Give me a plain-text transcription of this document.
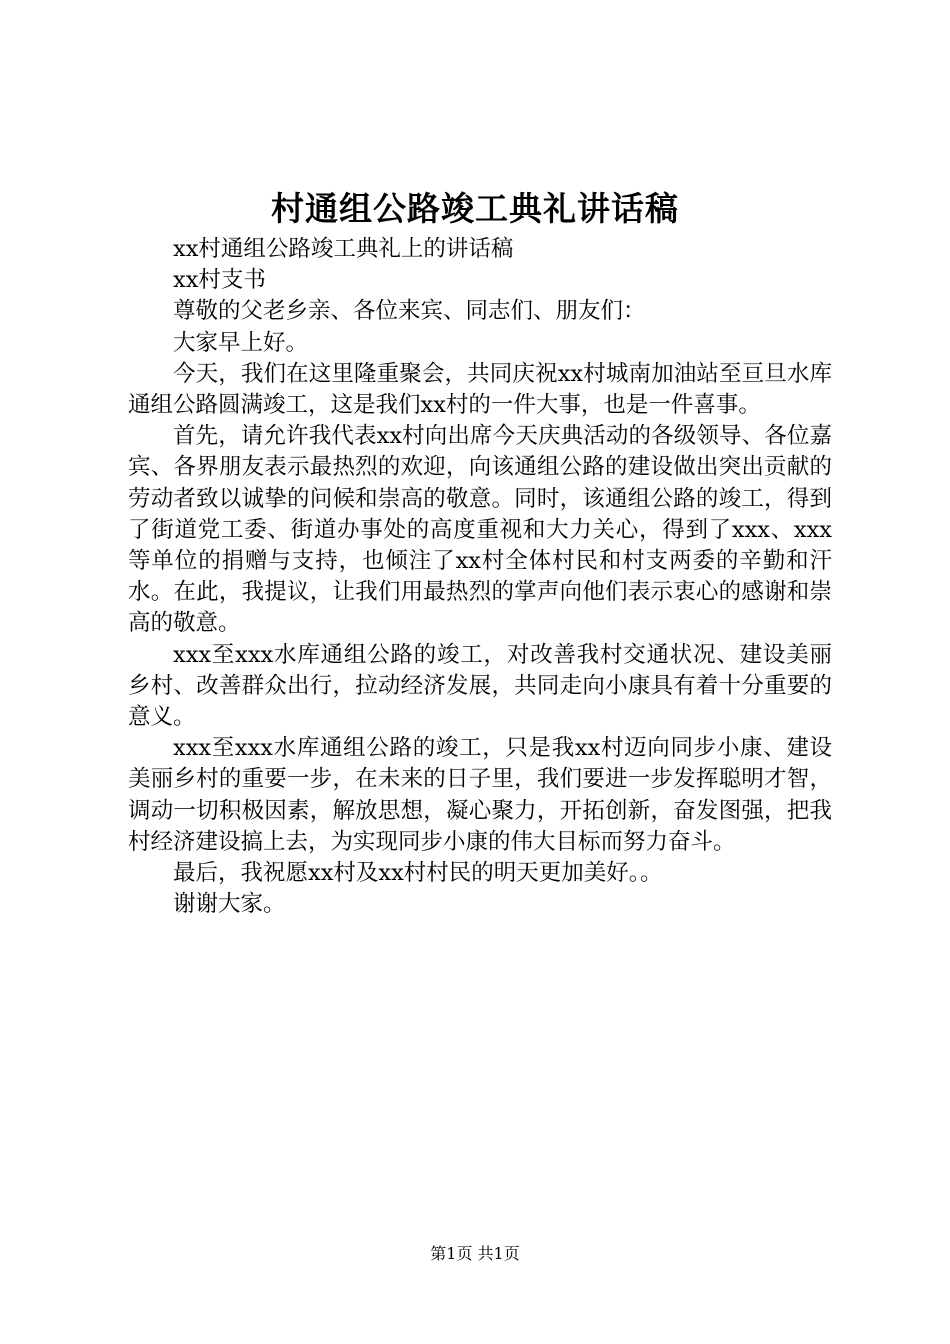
村通组公路竣工典礼讲话稿

xx村通组公路竣工典礼上的讲话稿

xx村支书

尊敬的父老乡亲、各位来宾、同志们、朋友们：

大家早上好。

今天，我们在这里隆重聚会，共同庆祝xx村城南加油站至亘旦水库通组公路圆满竣工，这是我们xx村的一件大事，也是一件喜事。

首先，请允许我代表xx村向出席今天庆典活动的各级领导、各位嘉宾、各界朋友表示最热烈的欢迎，向该通组公路的建设做出突出贡献的劳动者致以诚挚的问候和崇高的敬意。同时，该通组公路的竣工，得到了街道党工委、街道办事处的高度重视和大力关心，得到了xxx、xxx等单位的捐赠与支持，也倾注了xx村全体村民和村支两委的辛勤和汗水。在此，我提议，让我们用最热烈的掌声向他们表示衷心的感谢和崇高的敬意。

xxx至xxx水库通组公路的竣工，对改善我村交通状况、建设美丽乡村、改善群众出行，拉动经济发展，共同走向小康具有着十分重要的意义。

xxx至xxx水库通组公路的竣工，只是我xx村迈向同步小康、建设美丽乡村的重要一步，在未来的日子里，我们要进一步发挥聪明才智，调动一切积极因素，解放思想，凝心聚力，开拓创新，奋发图强，把我村经济建设搞上去，为实现同步小康的伟大目标而努力奋斗。

最后，我祝愿xx村及xx村村民的明天更加美好。。

谢谢大家。

第1页 共1页
